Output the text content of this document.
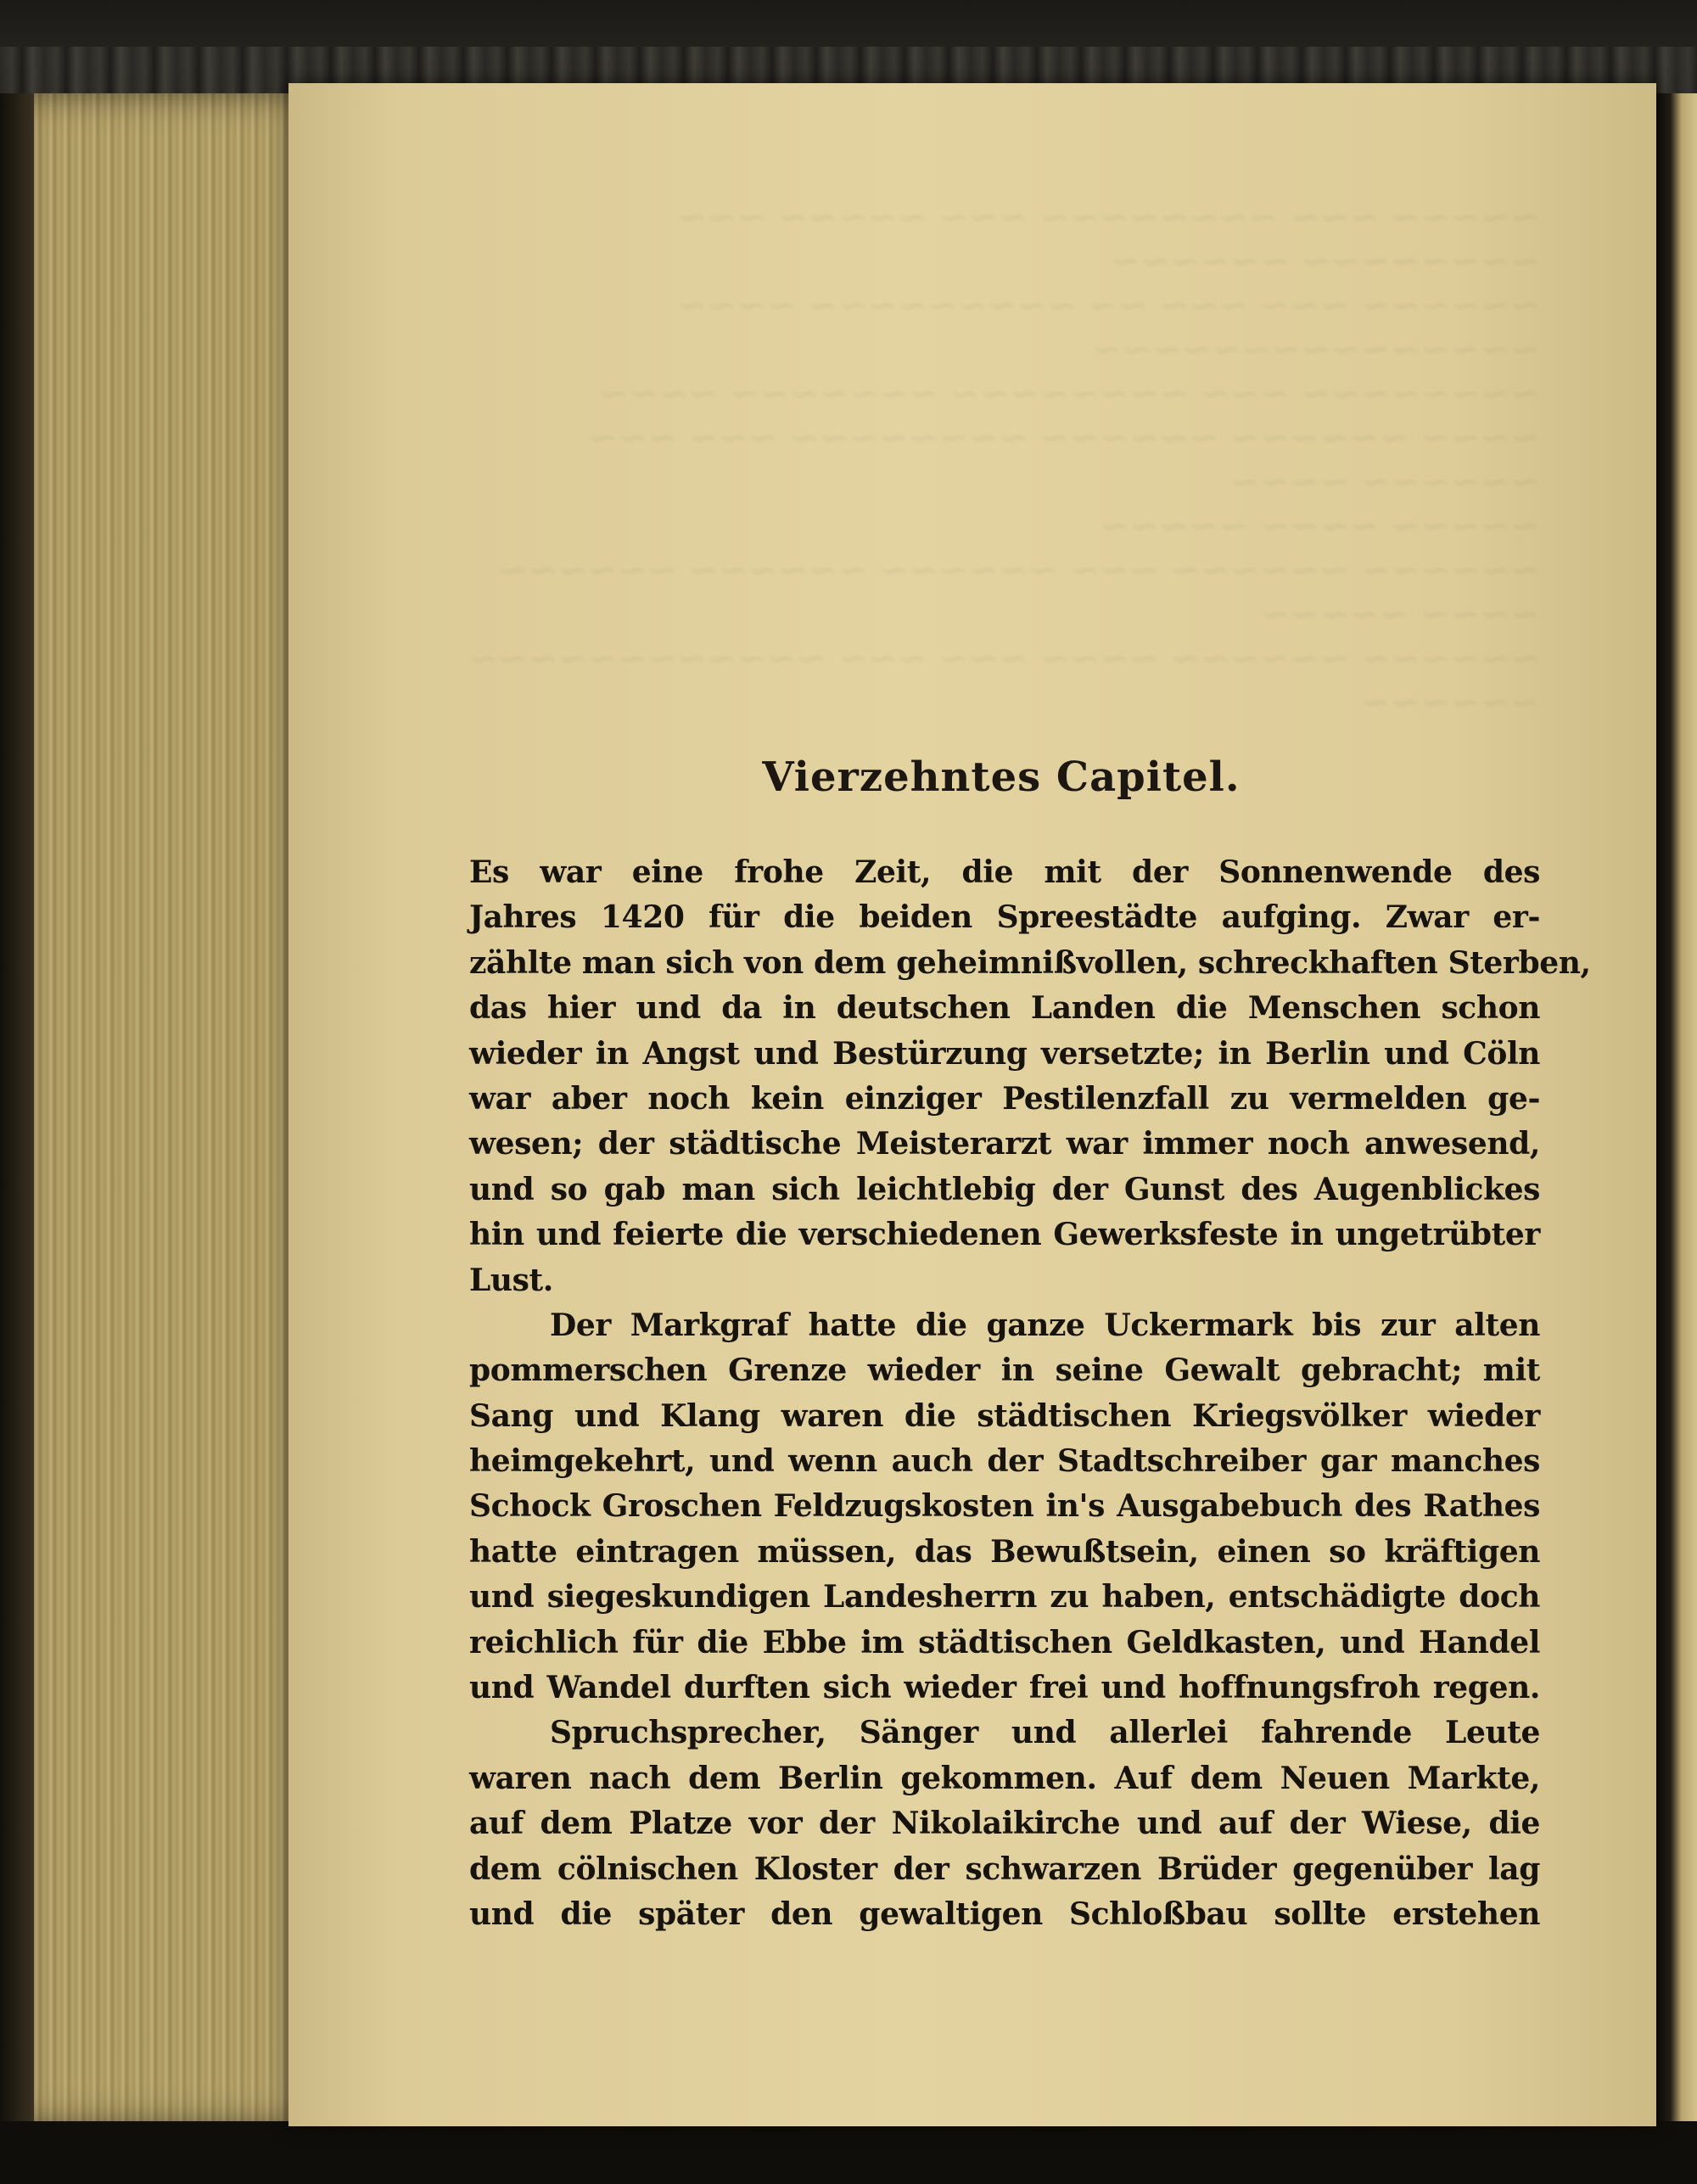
Vierzehntes Capitel.
Es war eine frohe Zeit, die mit der Sonnenwende des
Jahres 1420 für die beiden Spreestädte aufging. Zwar er-
zählte man sich von dem geheimnißvollen, schreckhaften Sterben,
das hier und da in deutschen Landen die Menschen schon
wieder in Angst und Bestürzung versetzte; in Berlin und Cöln
war aber noch kein einziger Pestilenzfall zu vermelden ge-
wesen; der städtische Meisterarzt war immer noch anwesend,
und so gab man sich leichtlebig der Gunst des Augenblickes
hin und feierte die verschiedenen Gewerksfeste in ungetrübter
Lust.
Der Markgraf hatte die ganze Uckermark bis zur alten
pommerschen Grenze wieder in seine Gewalt gebracht; mit
Sang und Klang waren die städtischen Kriegsvölker wieder
heimgekehrt, und wenn auch der Stadtschreiber gar manches
Schock Groschen Feldzugskosten in's Ausgabebuch des Rathes
hatte eintragen müssen, das Bewußtsein, einen so kräftigen
und siegeskundigen Landesherrn zu haben, entschädigte doch
reichlich für die Ebbe im städtischen Geldkasten, und Handel
und Wandel durften sich wieder frei und hoffnungsfroh regen.
Spruchsprecher, Sänger und allerlei fahrende Leute
waren nach dem Berlin gekommen. Auf dem Neuen Markte,
auf dem Platze vor der Nikolaikirche und auf der Wiese, die
dem cölnischen Kloster der schwarzen Brüder gegenüber lag
und die später den gewaltigen Schloßbau sollte erstehen
